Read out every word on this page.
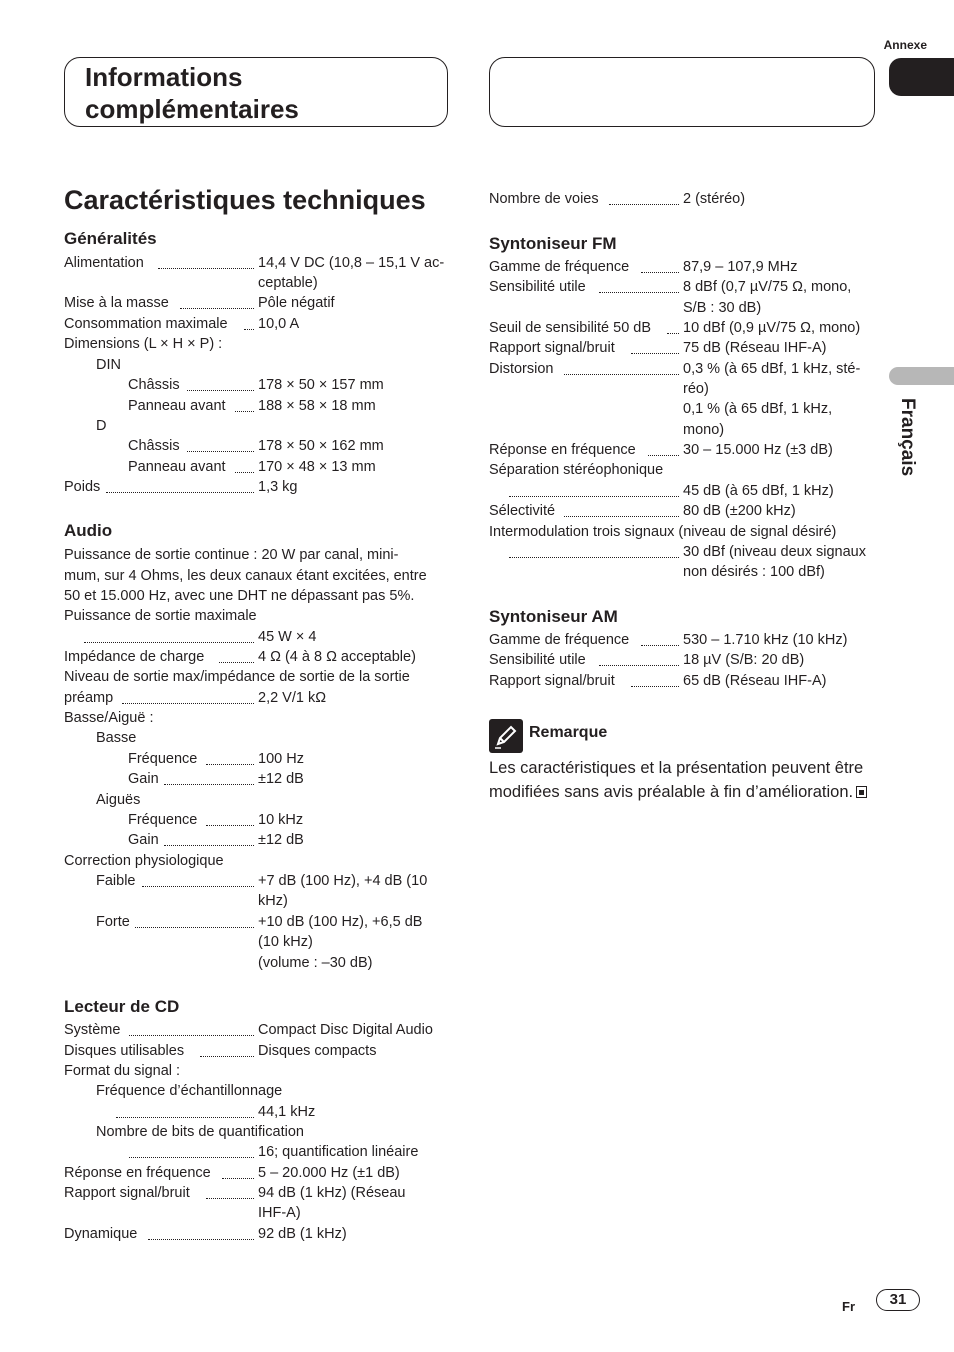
Annexe
Informations
complémentaires
Français
Caractéristiques techniques
Généralités
Alimentation	14,4 V DC (10,8 – 15,1 V ac-
ceptable)
Mise à la masse	Pôle négatif
Consommation maximale 10,0 A
Dimensions (L × H × P) :
DIN
Châssis	178 × 50 × 157 mm
Panneau avant 188 × 58 × 18 mm
D
Châssis	178 × 50 × 162 mm
Panneau avant 170 × 48 × 13 mm
Poids	1,3 kg
Audio
Puissance de sortie continue : 20 W par canal, mini-
mum, sur 4 Ohms, les deux canaux étant excitées, entre
50 et 15.000 Hz, avec une DHT ne dépassant pas 5%.
Puissance de sortie maximale
45 W × 4
Impédance de charge	4 Ω (4 à 8 Ω acceptable)
Niveau de sortie max/impédance de sortie de la sortie
préamp	2,2 V/1 kΩ
Basse/Aiguë :
Basse
Fréquence	100 Hz
Gain	±12 dB
Aiguës
Fréquence	10 kHz
Gain	±12 dB
Correction physiologique
Faible	+7 dB (100 Hz), +4 dB (10
kHz)
Forte	+10 dB (100 Hz), +6,5 dB
(10 kHz)
(volume : –30 dB)
Lecteur de CD
Système	Compact Disc Digital Audio
Disques utilisables	Disques compacts
Format du signal :
Fréquence d’échantillonnage
44,1 kHz
Nombre de bits de quantification
16; quantification linéaire
Réponse en fréquence	5 – 20.000 Hz (±1 dB)
Rapport signal/bruit	94 dB (1 kHz) (Réseau
IHF-A)
Dynamique	92 dB (1 kHz)
Nombre de voies	2 (stéréo)
Syntoniseur FM
Gamme de fréquence	87,9 – 107,9 MHz
Sensibilité utile	8 dBf (0,7 µV/75 Ω, mono,
S/B : 30 dB)
Seuil de sensibilité 50 dB 10 dBf (0,9 µV/75 Ω, mono)
Rapport signal/bruit	75 dB (Réseau IHF-A)
Distorsion	0,3 % (à 65 dBf, 1 kHz, sté-
réo)
0,1 % (à 65 dBf, 1 kHz,
mono)
Réponse en fréquence	30 – 15.000 Hz (±3 dB)
Séparation stéréophonique
45 dB (à 65 dBf, 1 kHz)
Sélectivité	80 dB (±200 kHz)
Intermodulation trois signaux (niveau de signal désiré)
30 dBf (niveau deux signaux
non désirés : 100 dBf)
Syntoniseur AM
Gamme de fréquence	530 – 1.710 kHz (10 kHz)
Sensibilité utile	18 µV (S/B: 20 dB)
Rapport signal/bruit	65 dB (Réseau IHF-A)
Remarque
Les caractéristiques et la présentation peuvent être modifiées sans avis préalable à fin d’amélioration.
Fr	31
